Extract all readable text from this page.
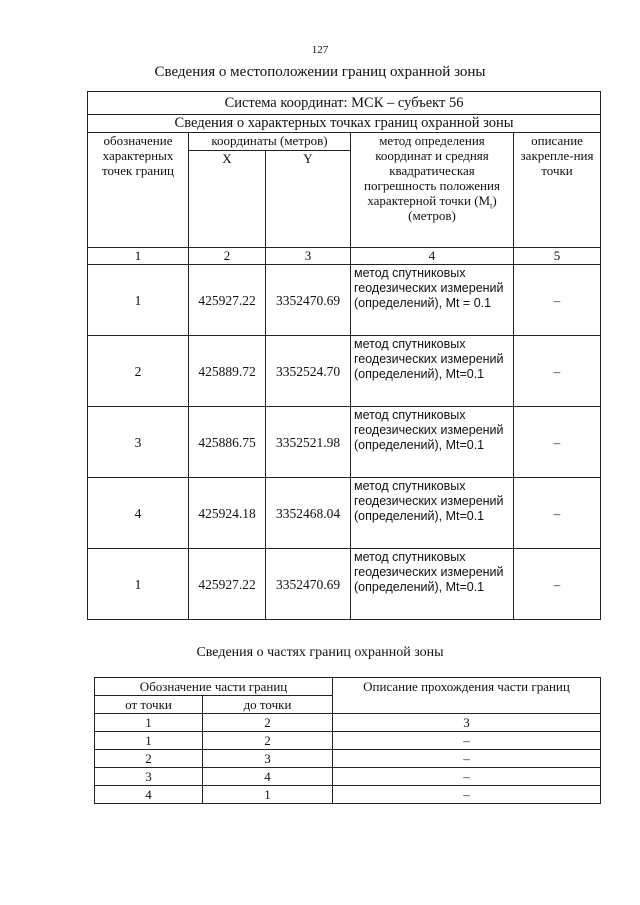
127
Сведения о местоположении границ охранной зоны
Система координат: МСК – субъект 56				
Сведения о характерных точках границ охранной зоны				
обозначение характерных точек границ	координаты (метров)		метод определения координат и средняя квадратическая погрешность положения характерной точки $(M_t)$ (метров)	описание закрепле-ния точки
	X	Y		
1	2	3	4	5
1	425927.22	3352470.69	метод спутниковых геодезических измерений (определений), Mt = 0.1	–
2	425889.72	3352524.70	метод спутниковых геодезических измерений (определений), Mt=0.1	–
3	425886.75	3352521.98	метод спутниковых геодезических измерений (определений), Mt=0.1	–
4	425924.18	3352468.04	метод спутниковых геодезических измерений (определений), Mt=0.1	–
1	425927.22	3352470.69	метод спутниковых геодезических измерений (определений), Mt=0.1	–
Сведения о частях границ охранной зоны
Обозначение части границ		Описание прохождения части границ
от точки	до точки	
1	2	3
1	2	–
2	3	–
3	4	–
4	1	–
